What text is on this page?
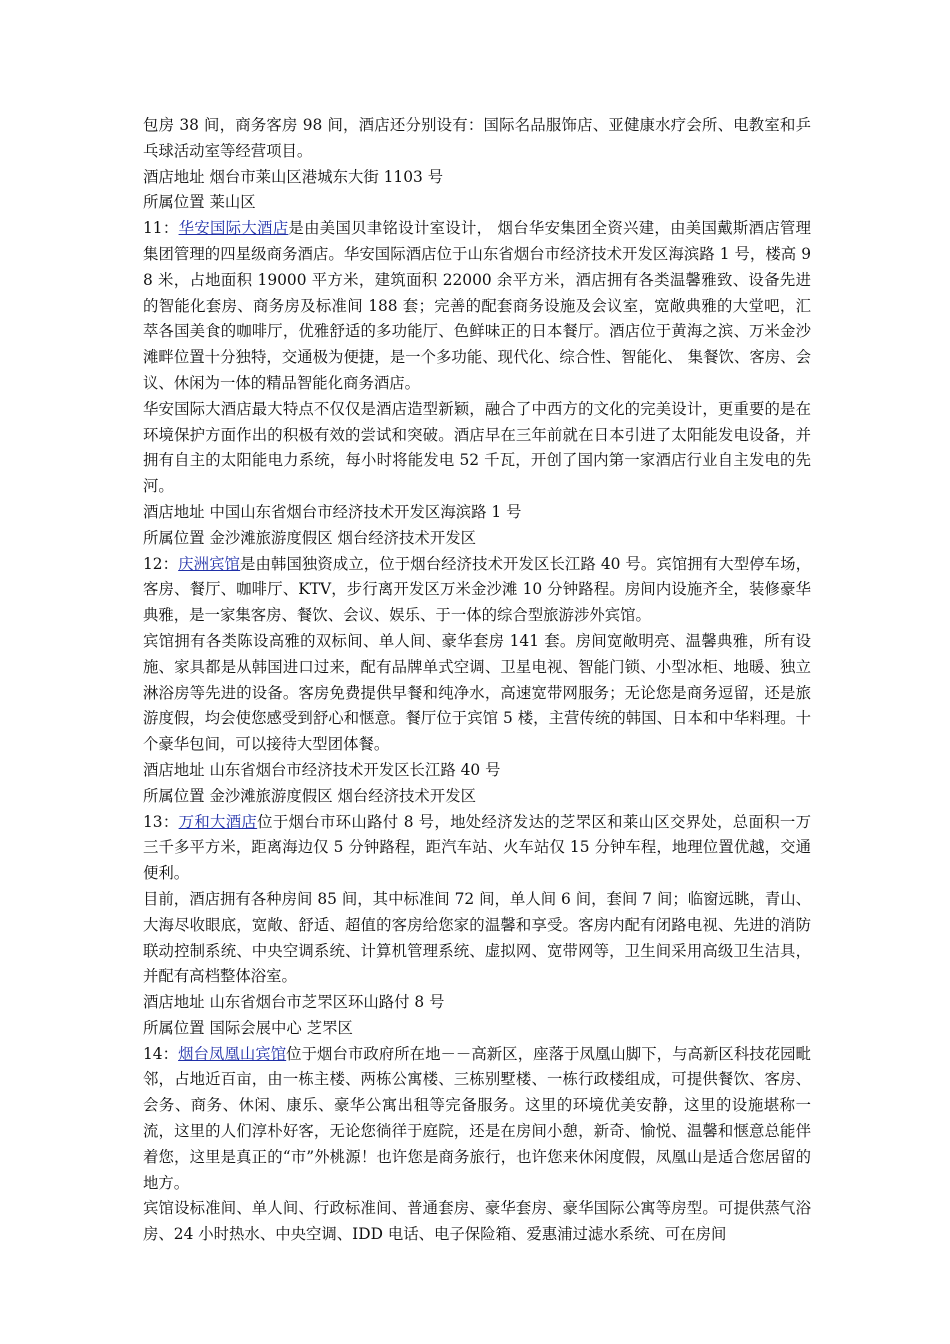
包房 38 间，商务客房 98 间，酒店还分别设有：国际名品服饰店、亚健康水疗会所、电教室和乒乓球活动室等经营项目。

酒店地址 烟台市莱山区港城东大街 1103 号

所属位置 莱山区

11：华安国际大酒店是由美国贝聿铭设计室设计， 烟台华安集团全资兴建，由美国戴斯酒店管理集团管理的四星级商务酒店。华安国际酒店位于山东省烟台市经济技术开发区海滨路 1 号，楼高 98 米，占地面积 19000 平方米，建筑面积 22000 余平方米，酒店拥有各类温馨雅致、设备先进的智能化套房、商务房及标准间 188 套；完善的配套商务设施及会议室，宽敞典雅的大堂吧，汇萃各国美食的咖啡厅，优雅舒适的多功能厅、色鲜味正的日本餐厅。酒店位于黄海之滨、万米金沙滩畔位置十分独特，交通极为便捷，是一个多功能、现代化、综合性、智能化、 集餐饮、客房、会议、休闲为一体的精品智能化商务酒店。

华安国际大酒店最大特点不仅仅是酒店造型新颖，融合了中西方的文化的完美设计，更重要的是在环境保护方面作出的积极有效的尝试和突破。酒店早在三年前就在日本引进了太阳能发电设备，并拥有自主的太阳能电力系统，每小时将能发电 52 千瓦，开创了国内第一家酒店行业自主发电的先河。

酒店地址 中国山东省烟台市经济技术开发区海滨路 1 号

所属位置 金沙滩旅游度假区 烟台经济技术开发区

12：庆洲宾馆是由韩国独资成立，位于烟台经济技术开发区长江路 40 号。宾馆拥有大型停车场，客房、餐厅、咖啡厅、KTV，步行离开发区万米金沙滩 10 分钟路程。房间内设施齐全，装修豪华典雅，是一家集客房、餐饮、会议、娱乐、于一体的综合型旅游涉外宾馆。

宾馆拥有各类陈设高雅的双标间、单人间、豪华套房 141 套。房间宽敞明亮、温馨典雅，所有设施、家具都是从韩国进口过来，配有品牌单式空调、卫星电视、智能门锁、小型冰柜、地暖、独立淋浴房等先进的设备。客房免费提供早餐和纯净水，高速宽带网服务；无论您是商务逗留，还是旅游度假，均会使您感受到舒心和惬意。餐厅位于宾馆 5 楼，主营传统的韩国、日本和中华料理。十个豪华包间，可以接待大型团体餐。

酒店地址 山东省烟台市经济技术开发区长江路 40 号

所属位置 金沙滩旅游度假区 烟台经济技术开发区

13：万和大酒店位于烟台市环山路付 8 号，地处经济发达的芝罘区和莱山区交界处，总面积一万三千多平方米，距离海边仅 5 分钟路程，距汽车站、火车站仅 15 分钟车程，地理位置优越，交通便利。

目前，酒店拥有各种房间 85 间，其中标准间 72 间，单人间 6 间，套间 7 间；临窗远眺，青山、大海尽收眼底，宽敞、舒适、超值的客房给您家的温馨和享受。客房内配有闭路电视、先进的消防联动控制系统、中央空调系统、计算机管理系统、虚拟网、宽带网等，卫生间采用高级卫生洁具，并配有高档整体浴室。

酒店地址 山东省烟台市芝罘区环山路付 8 号

所属位置 国际会展中心 芝罘区

14：烟台凤凰山宾馆位于烟台市政府所在地－－高新区，座落于凤凰山脚下，与高新区科技花园毗邻，占地近百亩，由一栋主楼、两栋公寓楼、三栋别墅楼、一栋行政楼组成，可提供餐饮、客房、会务、商务、休闲、康乐、豪华公寓出租等完备服务。这里的环境优美安静，这里的设施堪称一流，这里的人们淳朴好客，无论您徜徉于庭院，还是在房间小憩，新奇、愉悦、温馨和惬意总能伴着您，这里是真正的“市”外桃源！也许您是商务旅行，也许您来休闲度假，凤凰山是适合您居留的地方。

宾馆设标准间、单人间、行政标准间、普通套房、豪华套房、豪华国际公寓等房型。可提供蒸气浴房、24 小时热水、中央空调、IDD 电话、电子保险箱、爱惠浦过滤水系统、可在房间
